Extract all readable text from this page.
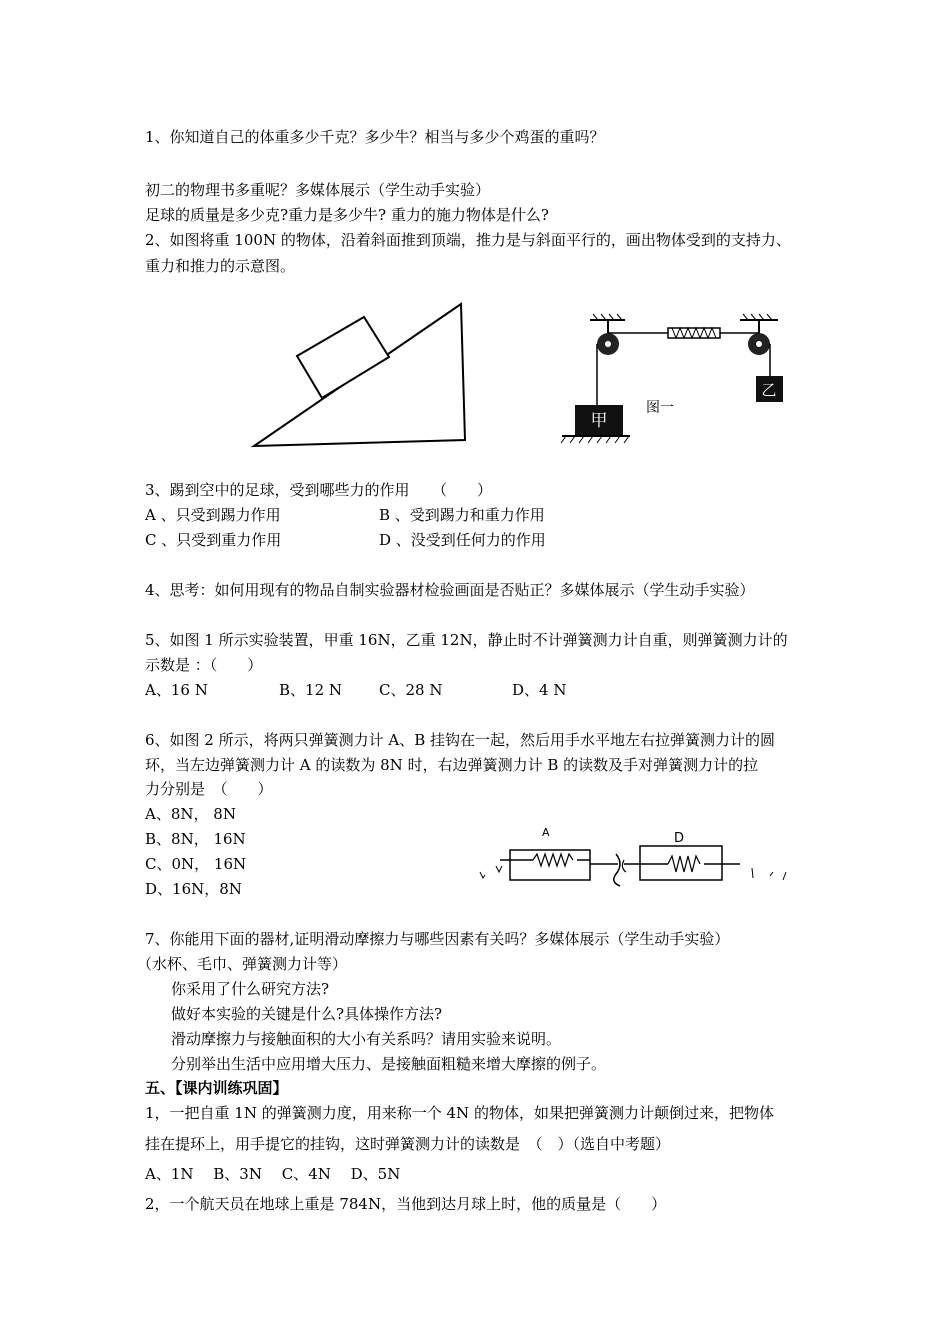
1、你知道自己的体重多少千克？多少牛？相当与多少个鸡蛋的重吗？
初二的物理书多重呢？多媒体展示（学生动手实验）
足球的质量是多少克?重力是多少牛? 重力的施力物体是什么?
2、如图将重 100N 的物体，沿着斜面推到顶端，推力是与斜面平行的，画出物体受到的支持力、
重力和推力的示意图。
甲
乙
图一
3、踢到空中的足球，受到哪些力的作用　　（　　）
A 、只受到踢力作用	B 、受到踢力和重力作用
C 、只受到重力作用	D 、没受到任何力的作用
4、思考：如何用现有的物品自制实验器材检验画面是否贴正？多媒体展示（学生动手实验）
5、如图 1 所示实验装置，甲重 16N，乙重 12N，静止时不计弹簧测力计自重，则弹簧测力计的
示数是 ：（　　）
A、16 N	B、12 N C、28 N	D、4 N
6、如图 2 所示，将两只弹簧测力计 A、B 挂钩在一起，然后用手水平地左右拉弹簧测力计的圆
环，当左边弹簧测力计 A 的读数为 8N 时，右边弹簧测力计 B 的读数及手对弹簧测力计的拉
力分别是　（　　）
A、8N， 8N
B、8N， 16N
C、0N， 16N
D、16N，8N
A	D
7、你能用下面的器材,证明滑动摩擦力与哪些因素有关吗？多媒体展示（学生动手实验）
（水杯、毛巾、弹簧测力计等）
你采用了什么研究方法?
做好本实验的关键是什么?具体操作方法?
滑动摩擦力与接触面积的大小有关系吗？请用实验来说明。
分别举出生活中应用增大压力、是接触面粗糙来增大摩擦的例子。
五、【课内训练巩固】
1，一把自重 1N 的弹簧测力度，用来称一个 4N 的物体，如果把弹簧测力计颠倒过来，把物体
挂在提环上，用手提它的挂钩，这时弹簧测力计的读数是　（　）（选自中考题）
A、1N　 B、3N　 C、4N　 D、5N
2，一个航天员在地球上重是 784N，当他到达月球上时，他的质量是（　　）
